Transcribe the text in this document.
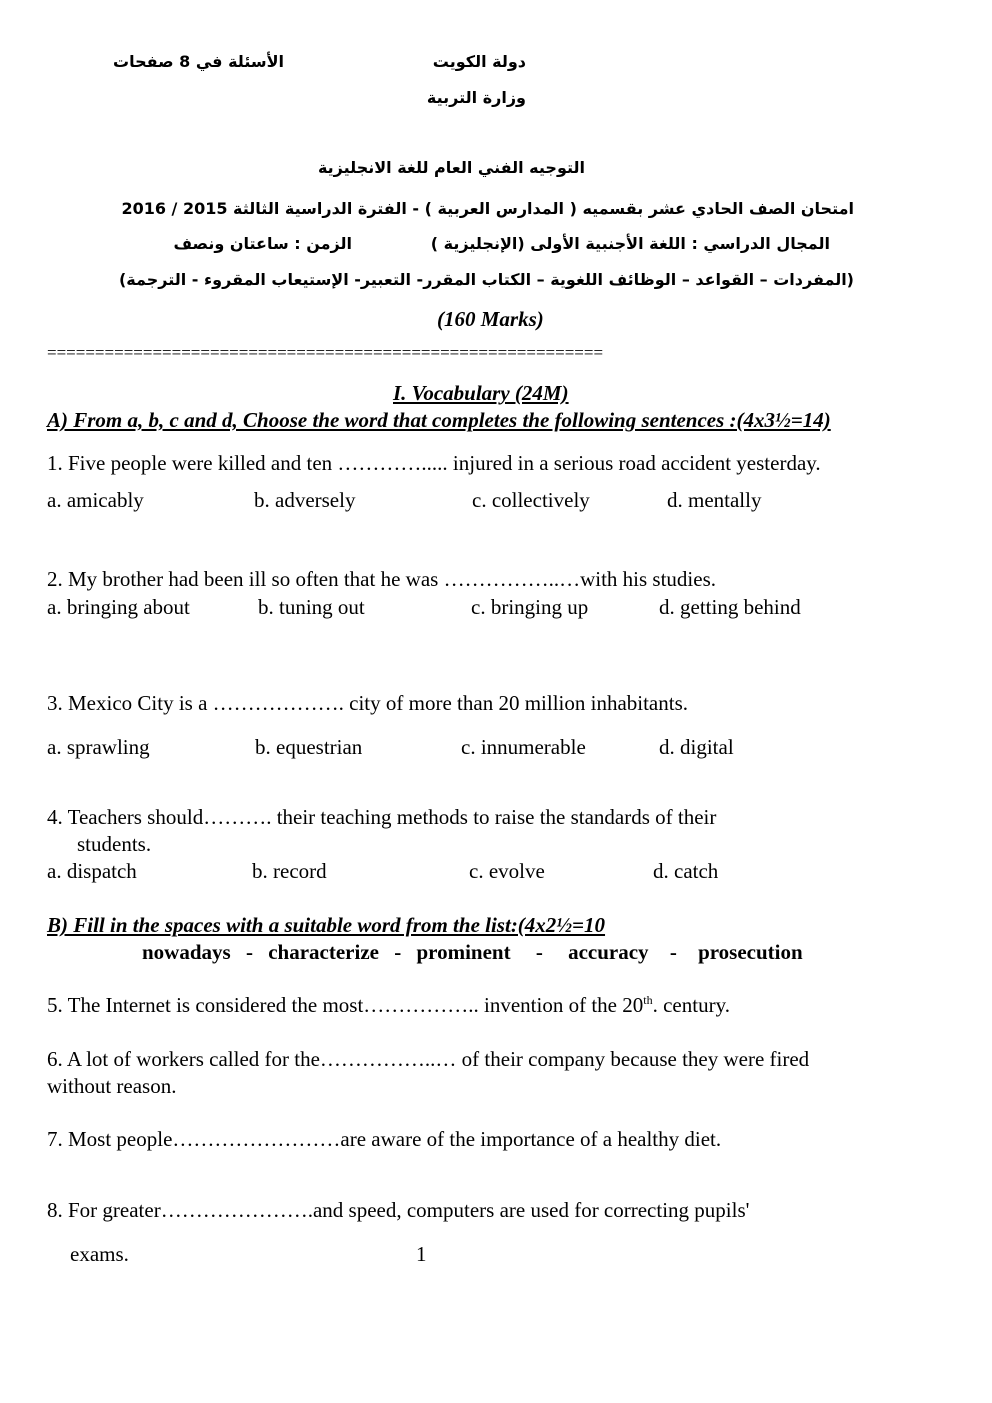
دولة الكويت
الأسئلة في 8 صفحات
وزارة التربية
التوجيه الفني العام للغة الانجليزية
امتحان الصف الحادي عشر بقسميه ( المدارس العربية ) - الفترة الدراسية الثالثة 2015 / 2016
المجال الدراسي : اللغة الأجنبية الأولى (الإنجليزية )
الزمن : ساعتان ونصف
(المفردات – القواعد – الوظائف اللغوية – الكتاب المقرر- التعبير- الإستيعاب المقروء - الترجمة)
(160 Marks)
==========================================================
I. Vocabulary (24M)
A) From a, b, c and d, Choose the word that completes the following sentences :(4x3½=14)
1. Five people were killed and ten …………..... injured in a serious road accident yesterday.
a. amicably	b. adversely	c. collectively	d. mentally
2. My brother had been ill so often that he was ……………..…with his studies.
a. bringing about	b. tuning out	c. bringing up	d. getting behind
3. Mexico City is a ………………. city of more than 20 million inhabitants.
a. sprawling	b. equestrian	c. innumerable	d. digital
4. Teachers should………. their teaching methods to raise the standards of their
students.
a. dispatch	b. record	c. evolve	d. catch
B) Fill in the spaces with a suitable word from the list:(4x2½=10
nowadays - characterize - prominent - accuracy - prosecution
5. The Internet is considered the most…………….. invention of the 20th. century.
6. A lot of workers called for the……………..… of their company because they were fired
without reason.
7. Most people……………………are aware of the importance of a healthy diet.
8. For greater………………….and speed, computers are used for correcting pupils'
exams.	1
